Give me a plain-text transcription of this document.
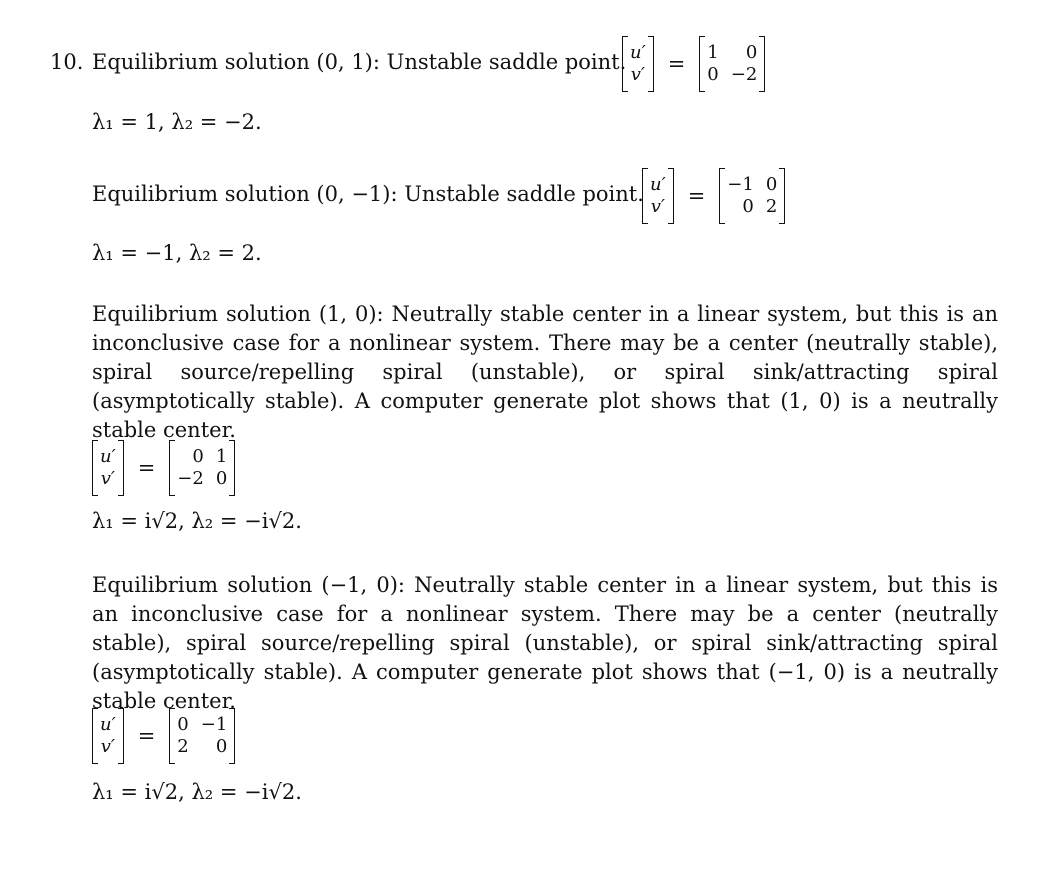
10. Equilibrium solution (0, 1): Unstable saddle point. u′
v′ = 1	0
0 −2
λ₁ = 1, λ₂ = −2.
Equilibrium solution (0, −1): Unstable saddle point. u′
v′ = −1 0
0 2
λ₁ = −1, λ₂ = 2.
Equilibrium solution (1, 0): Neutrally stable center in a linear system, but this is an inconclusive case for a nonlinear system. There may be a center (neutrally stable), spiral source/repelling spiral (unstable), or spiral sink/attracting spiral (asymptotically stable). A computer generate plot shows that (1, 0) is a neutrally stable center.
u′
v′ =	0 1
−2 0
λ₁ = i√2, λ₂ = −i√2.
Equilibrium solution (−1, 0): Neutrally stable center in a linear system, but this is an inconclusive case for a nonlinear system. There may be a center (neutrally stable), spiral source/repelling spiral (unstable), or spiral sink/attracting spiral (asymptotically stable). A computer generate plot shows that (−1, 0) is a neutrally stable center.
u′
v′ = 0 −1
2	0
λ₁ = i√2, λ₂ = −i√2.
